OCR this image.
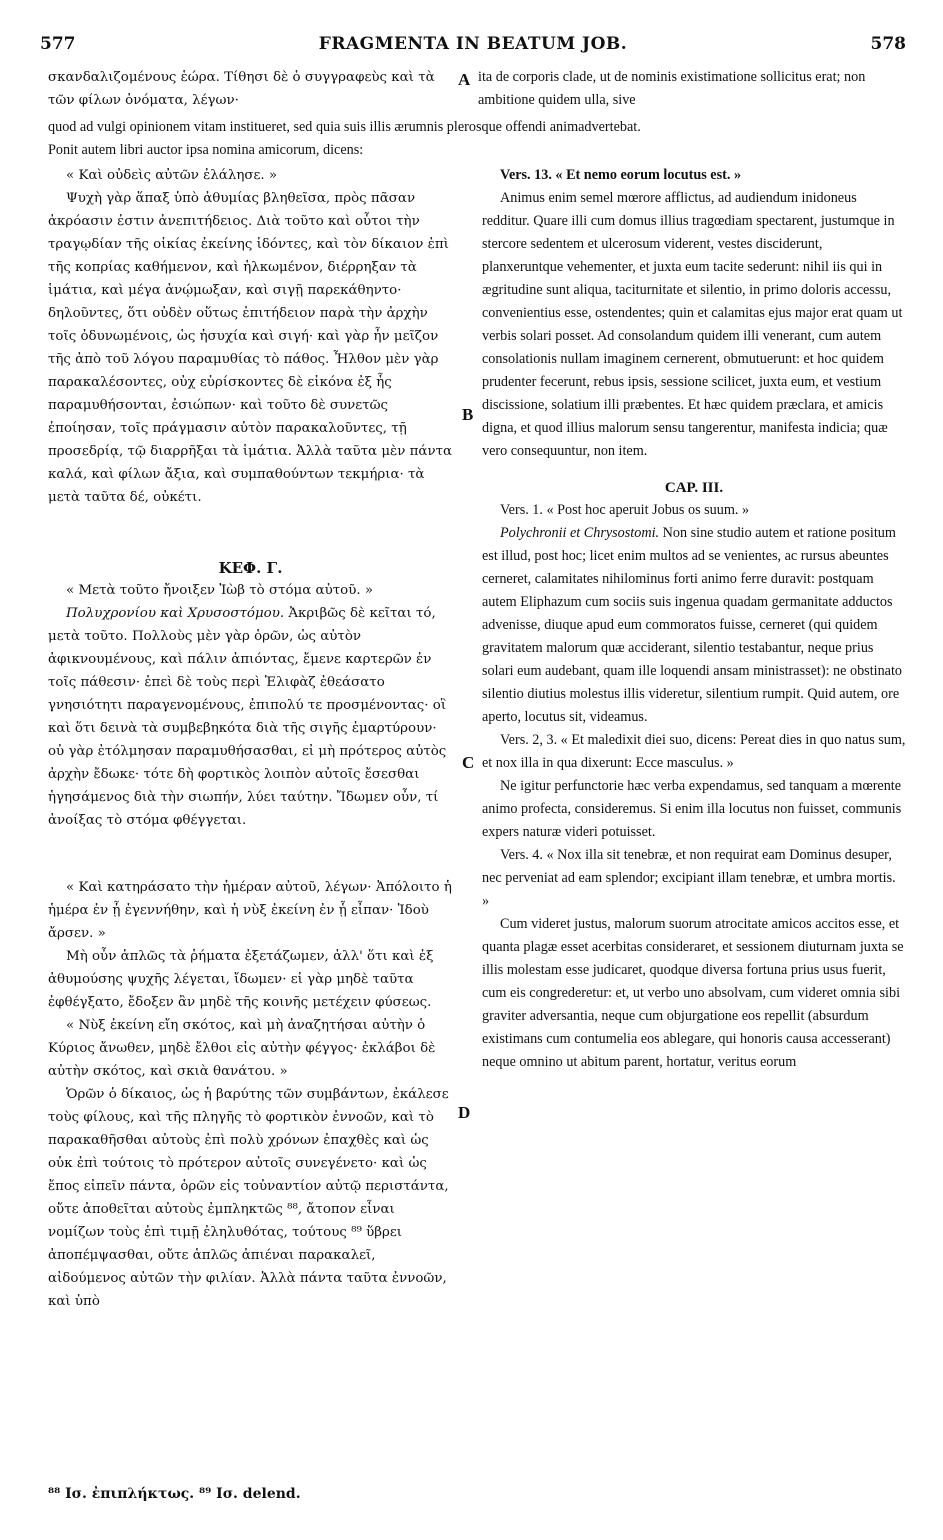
577	FRAGMENTA IN BEATUM JOB.	578

σκανδαλιζομένους ἑώρα. Τίθησι δὲ ὁ συγγραφεὺς καὶ τὰ τῶν φίλων ὀνόματα, λέγων·

A ita de corporis clade, ut de nominis existimatione sollicitus erat; non ambitione quidem ulla, sive

quod ad vulgi opinionem vitam institueret, sed quia suis illis ærumnis plerosque offendi animadvertebat.
Ponit autem libri auctor ipsa nomina amicorum, dicens:

« Καὶ οὐδεὶς αὐτῶν ἐλάλησε. »

Ψυχὴ γὰρ ἅπαξ ὑπὸ ἀθυμίας βληθεῖσα, πρὸς πᾶσαν ἀκρόασιν ἐστιν ἀνεπιτήδειος. Διὰ τοῦτο καὶ οὗτοι τὴν τραγῳδίαν τῆς οἰκίας ἐκείνης ἰδόντες, καὶ τὸν δίκαιον ἐπὶ τῆς κοπρίας καθήμενον, καὶ ἡλκωμένον, διέρρηξαν τὰ ἱμάτια, καὶ μέγα ἀνῴμωξαν, καὶ σιγῇ παρεκάθηντο· δηλοῦντες, ὅτι οὐδὲν οὕτως ἐπιτήδειον παρὰ τὴν ἀρχὴν τοῖς ὀδυνωμένοις, ὡς ἡσυχία καὶ σιγή· καὶ γὰρ ἦν μεῖζον τῆς ἀπὸ τοῦ λόγου παραμυθίας τὸ πάθος. Ἦλθον μὲν γὰρ παρακαλέσοντες, οὐχ εὑρίσκοντες δὲ εἰκόνα ἐξ ἧς παραμυθήσονται, ἐσιώπων· καὶ τοῦτο δὲ συνετῶς ἐποίησαν, τοῖς πράγμασιν αὐτὸν παρακαλοῦντες, τῇ προσεδρίᾳ, τῷ διαρρῆξαι τὰ ἱμάτια. Ἀλλὰ ταῦτα μὲν πάντα καλά, καὶ φίλων ἄξια, καὶ συμπαθούντων τεκμήρια· τὰ μετὰ ταῦτα δέ, οὐκέτι.

ΚΕΦ. Γ.

« Μετὰ τοῦτο ἤνοιξεν Ἰὼβ τὸ στόμα αὐτοῦ. »

Πολυχρονίου καὶ Χρυσοστόμου. Ἀκριβῶς δὲ κεῖται τό, μετὰ τοῦτο. Πολλοὺς μὲν γὰρ ὁρῶν, ὡς αὐτὸν ἀφικνουμένους, καὶ πάλιν ἀπιόντας, ἔμενε καρτερῶν ἐν τοῖς πάθεσιν· ἐπεὶ δὲ τοὺς περὶ Ἐλιφὰζ ἐθεάσατο γνησιότητι παραγενομένους, ἐπιπολύ τε προσμένοντας· οἳ καὶ ὅτι δεινὰ τὰ συμβεβηκότα διὰ τῆς σιγῆς ἐμαρτύρουν· οὐ γὰρ ἐτόλμησαν παραμυθήσασθαι, εἰ μὴ πρότερος αὐτὸς ἀρχὴν ἔδωκε· τότε δὴ φορτικὸς λοιπὸν αὐτοῖς ἔσεσθαι ἡγησάμενος διὰ τὴν σιωπήν, λύει ταύτην. Ἴδωμεν οὖν, τί ἀνοίξας τὸ στόμα φθέγγεται.

« Καὶ κατηράσατο τὴν ἡμέραν αὐτοῦ, λέγων· Ἀπόλοιτο ἡ ἡμέρα ἐν ᾗ ἐγεννήθην, καὶ ἡ νὺξ ἐκείνη ἐν ᾗ εἶπαν· Ἰδοὺ ἄρσεν. »

Μὴ οὖν ἁπλῶς τὰ ῥήματα ἐξετάζωμεν, ἀλλ' ὅτι καὶ ἐξ ἀθυμούσης ψυχῆς λέγεται, ἴδωμεν· εἰ γὰρ μηδὲ ταῦτα ἐφθέγξατο, ἔδοξεν ἂν μηδὲ τῆς κοινῆς μετέχειν φύσεως.

« Νὺξ ἐκείνη εἴη σκότος, καὶ μὴ ἀναζητήσαι αὐτὴν ὁ Κύριος ἄνωθεν, μηδὲ ἔλθοι εἰς αὐτὴν φέγγος· ἐκλάβοι δὲ αὐτὴν σκότος, καὶ σκιὰ θανάτου. »

Ὁρῶν ὁ δίκαιος, ὡς ἡ βαρύτης τῶν συμβάντων, ἐκάλεσε τοὺς φίλους, καὶ τῆς πληγῆς τὸ φορτικὸν ἐννοῶν, καὶ τὸ παρακαθῆσθαι αὐτοὺς ἐπὶ πολὺ χρόνων ἐπαχθὲς καὶ ὡς οὐκ ἐπὶ τούτοις τὸ πρότερον αὐτοῖς συνεγένετο· καὶ ὡς ἔπος εἰπεῖν πάντα, ὁρῶν εἰς τοὐναντίον αὐτῷ περιστάντα, οὔτε ἀποθεῖται αὐτοὺς ἐμπληκτῶς ⁸⁸, ἄτοπον εἶναι νομίζων τοὺς ἐπὶ τιμῇ ἐληλυθότας, τούτους ⁸⁹ ὕβρει ἀποπέμψασθαι, οὔτε ἁπλῶς ἀπιέναι παρακαλεῖ, αἰδούμενος αὐτῶν τὴν φιλίαν. Ἀλλὰ πάντα ταῦτα ἐννοῶν, καὶ ὑπὸ

B
C
D

Vers. 13. « Et nemo eorum locutus est. »

Animus enim semel mœrore afflictus, ad audiendum inidoneus redditur. Quare illi cum domus illius tragœdiam spectarent, justumque in stercore sedentem et ulcerosum viderent, vestes disciderunt, planxeruntque vehementer, et juxta eum tacite sederunt: nihil iis qui in ægritudine sunt aliqua, taciturnitate et silentio, in primo doloris accessu, convenientius esse, ostendentes; quin et calamitas ejus major erat quam ut verbis solari posset. Ad consolandum quidem illi venerant, cum autem consolationis nullam imaginem cernerent, obmutuerunt: et hoc quidem prudenter fecerunt, rebus ipsis, sessione scilicet, juxta eum, et vestium discissione, solatium illi præbentes. Et hæc quidem præclara, et amicis digna, et quod illius malorum sensu tangerentur, manifesta indicia; quæ vero consequuntur, non item.

CAP. III.

Vers. 1. « Post hoc aperuit Jobus os suum. »

Polychronii et Chrysostomi. Non sine studio autem et ratione positum est illud, post hoc; licet enim multos ad se venientes, ac rursus abeuntes cerneret, calamitates nihilominus forti animo ferre duravit: postquam autem Eliphazum cum sociis suis ingenua quadam germanitate adductos advenisse, diuque apud eum commoratos fuisse, cerneret (qui quidem gravitatem malorum quæ acciderant, silentio testabantur, neque prius solari eum audebant, quam ille loquendi ansam ministrasset): ne obstinato silentio diutius molestus illis videretur, silentium rumpit. Quid autem, ore aperto, locutus sit, videamus.

Vers. 2, 3. « Et maledixit diei suo, dicens: Pereat dies in quo natus sum, et nox illa in qua dixerunt: Ecce masculus. »

Ne igitur perfunctorie hæc verba expendamus, sed tanquam a mœrente animo profecta, consideremus. Si enim illa locutus non fuisset, communis expers naturæ videri potuisset.

Vers. 4. « Nox illa sit tenebræ, et non requirat eam Dominus desuper, nec perveniat ad eam splendor; excipiant illam tenebræ, et umbra mortis. »

Cum videret justus, malorum suorum atrocitate amicos accitos esse, et quanta plagæ esset acerbitas consideraret, et sessionem diuturnam juxta se illis molestam esse judicaret, quodque diversa fortuna prius usus fuerit, cum eis congrederetur: et, ut verbo uno absolvam, cum videret omnia sibi graviter adversantia, neque cum objurgatione eos repellit (absurdum existimans cum contumelia eos ablegare, qui honoris causa accesserant) neque omnino ut abitum parent, hortatur, veritus eorum

⁸⁸ Ισ. ἐπιπλήκτως. ⁸⁹ Ισ. delend.
